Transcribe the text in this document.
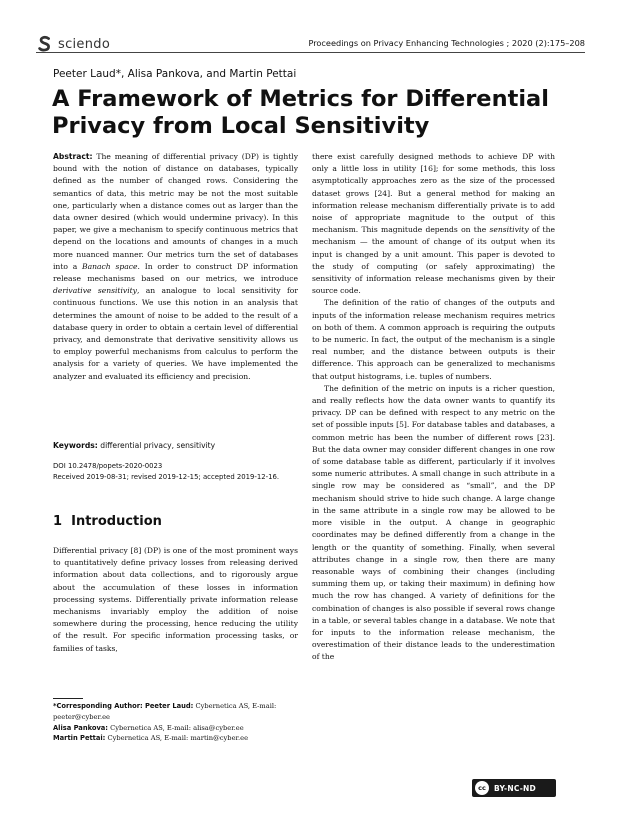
sciendo	Proceedings on Privacy Enhancing Technologies ; 2020 (2):175–208
Peeter Laud*, Alisa Pankova, and Martin Pettai
A Framework of Metrics for Differential Privacy from Local Sensitivity

Abstract: The meaning of differential privacy (DP) is tightly bound with the notion of distance on databases, typically defined as the number of changed rows. Considering the semantics of data, this metric may be not the most suitable one, particularly when a distance comes out as larger than the data owner desired (which would undermine privacy). In this paper, we give a mechanism to specify continuous metrics that depend on the locations and amounts of changes in a much more nuanced manner. Our metrics turn the set of databases into a Banach space. In order to construct DP information release mechanisms based on our metrics, we introduce derivative sensitivity, an analogue to local sensitivity for continuous functions. We use this notion in an analysis that determines the amount of noise to be added to the result of a database query in order to obtain a certain level of differential privacy, and demonstrate that derivative sensitivity allows us to employ powerful mechanisms from calculus to perform the analysis for a variety of queries. We have implemented the analyzer and evaluated its efficiency and precision.

Keywords: differential privacy, sensitivity
DOI 10.2478/popets-2020-0023
Received 2019-08-31; revised 2019-12-15; accepted 2019-12-16.
1 Introduction

Differential privacy [8] (DP) is one of the most prominent ways to quantitatively define privacy losses from releasing derived information about data collections, and to rigorously argue about the accumulation of these losses in information processing systems. Differentially private information release mechanisms invariably employ the addition of noise somewhere during the processing, hence reducing the utility of the result. For specific information processing tasks, or families of tasks,

*Corresponding Author: Peeter Laud: Cybernetica AS, E-mail: peeter@cyber.ee
Alisa Pankova: Cybernetica AS, E-mail: alisa@cyber.ee
Martin Pettai: Cybernetica AS, E-mail: martin@cyber.ee

there exist carefully designed methods to achieve DP with only a little loss in utility [16]; for some methods, this loss asymptotically approaches zero as the size of the processed dataset grows [24]. But a general method for making an information release mechanism differentially private is to add noise of appropriate magnitude to the output of this mechanism. This magnitude depends on the sensitivity of the mechanism — the amount of change of its output when its input is changed by a unit amount. This paper is devoted to the study of computing (or safely approximating) the sensitivity of information release mechanisms given by their source code.

The definition of the ratio of changes of the outputs and inputs of the information release mechanism requires metrics on both of them. A common approach is requiring the outputs to be numeric. In fact, the output of the mechanism is a single real number, and the distance between outputs is their difference. This approach can be generalized to mechanisms that output histograms, i.e. tuples of numbers.

The definition of the metric on inputs is a richer question, and really reflects how the data owner wants to quantify its privacy. DP can be defined with respect to any metric on the set of possible inputs [5]. For database tables and databases, a common metric has been the number of different rows [23]. But the data owner may consider different changes in one row of some database table as different, particularly if it involves some numeric attributes. A small change in such attribute in a single row may be considered as “small”, and the DP mechanism should strive to hide such change. A large change in the same attribute in a single row may be allowed to be more visible in the output. A change in geographic coordinates may be defined differently from a change in the length or the quantity of something. Finally, when several attributes change in a single row, then there are many reasonable ways of combining their changes (including summing them up, or taking their maximum) in defining how much the row has changed. A variety of definitions for the combination of changes is also possible if several rows change in a table, or several tables change in a database. We note that for inputs to the information release mechanism, the overestimation of their distance leads to the underestimation of the

cc	BY-NC-ND
